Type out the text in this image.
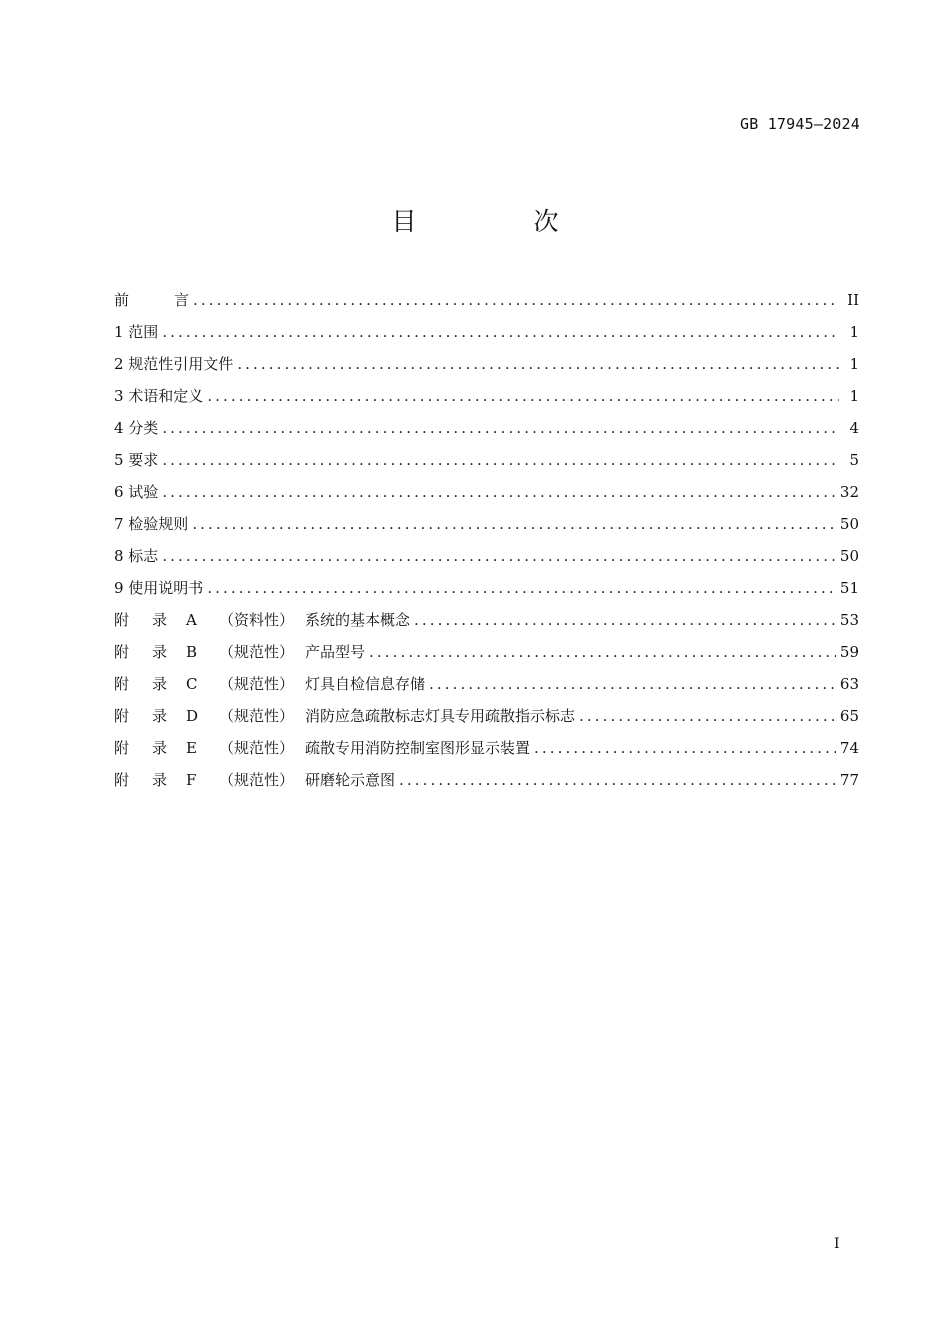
GB 17945—2024
目　次
前　　　言 .....	II
1 范围 .....	1
2 规范性引用文件 .....	1
3 术语和定义 .....	1
4 分类 .....	4
5 要求 .....	5
6 试验 .....	32
7 检验规则 .....	50
8 标志 .....	50
9 使用说明书 .....	51
附	录	A	（资料性） 系统的基本概念 .....	53
附	录	B	（规范性） 产品型号 .....	59
附	录	C	（规范性） 灯具自检信息存储 .....	63
附	录	D	（规范性） 消防应急疏散标志灯具专用疏散指示标志 .....	65
附	录	E	（规范性） 疏散专用消防控制室图形显示装置 .....	74
附	录	F	（规范性） 研磨轮示意图 .....	77
I
